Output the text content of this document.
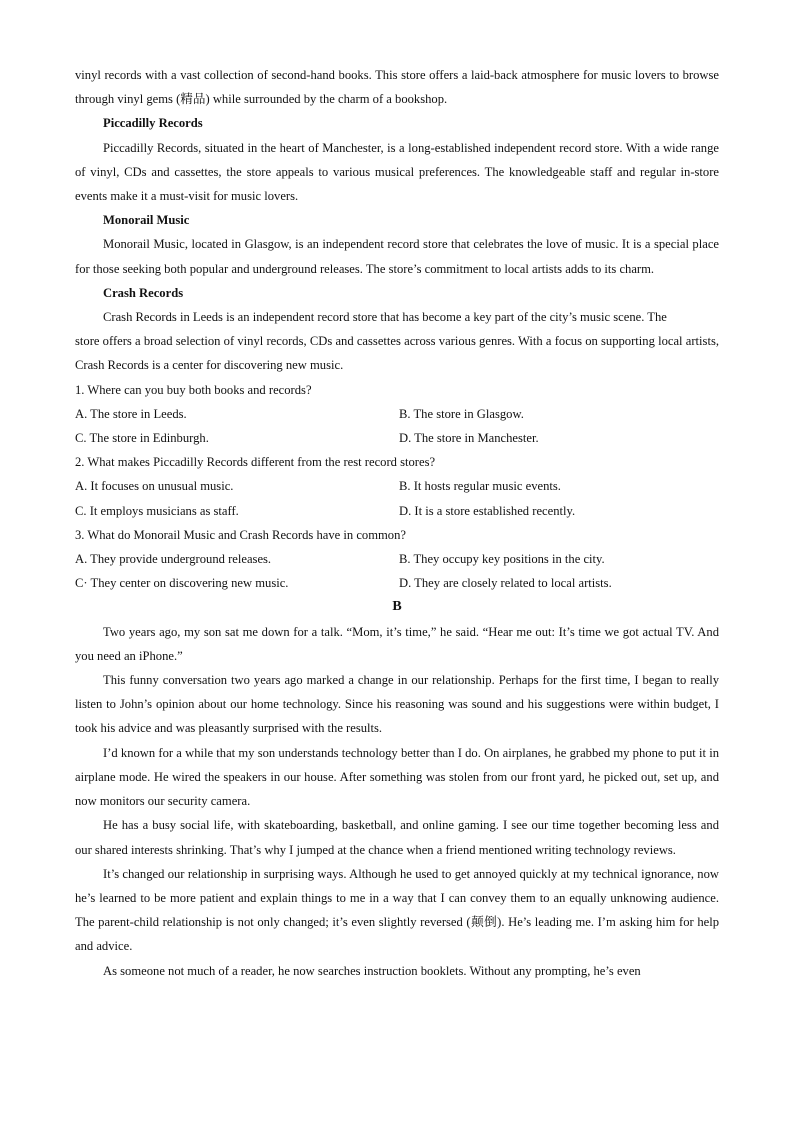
vinyl records with a vast collection of second-hand books. This store offers a laid-back atmosphere for music lovers to browse through vinyl gems (精品) while surrounded by the charm of a bookshop.

Piccadilly Records

Piccadilly Records, situated in the heart of Manchester, is a long-established independent record store. With a wide range of vinyl, CDs and cassettes, the store appeals to various musical preferences. The knowledgeable staff and regular in-store events make it a must-visit for music lovers.

Monorail Music

Monorail Music, located in Glasgow, is an independent record store that celebrates the love of music. It is a special place for those seeking both popular and underground releases. The store’s commitment to local artists adds to its charm.

Crash Records

Crash Records in Leeds is an independent record store that has become a key part of the city’s music scene. The

store offers a broad selection of vinyl records, CDs and cassettes across various genres. With a focus on supporting local artists, Crash Records is a center for discovering new music.

1. Where can you buy both books and records?

A. The store in Leeds.	B. The store in Glasgow.
C. The store in Edinburgh.	D. The store in Manchester.

2. What makes Piccadilly Records different from the rest record stores?

A. It focuses on unusual music.	B. It hosts regular music events.
C. It employs musicians as staff.	D. It is a store established recently.

3. What do Monorail Music and Crash Records have in common?

A. They provide underground releases.	B. They occupy key positions in the city.
C· They center on discovering new music.	D. They are closely related to local artists.

B

Two years ago, my son sat me down for a talk. “Mom, it’s time,” he said. “Hear me out: It’s time we got actual TV. And you need an iPhone.”

This funny conversation two years ago marked a change in our relationship. Perhaps for the first time, I began to really listen to John’s opinion about our home technology. Since his reasoning was sound and his suggestions were within budget, I took his advice and was pleasantly surprised with the results.

I’d known for a while that my son understands technology better than I do. On airplanes, he grabbed my phone to put it in airplane mode. He wired the speakers in our house. After something was stolen from our front yard, he picked out, set up, and now monitors our security camera.

He has a busy social life, with skateboarding, basketball, and online gaming. I see our time together becoming less and our shared interests shrinking. That’s why I jumped at the chance when a friend mentioned writing technology reviews.

It’s changed our relationship in surprising ways. Although he used to get annoyed quickly at my technical ignorance, now he’s learned to be more patient and explain things to me in a way that I can convey them to an equally unknowing audience. The parent-child relationship is not only changed; it’s even slightly reversed (颠倒). He’s leading me. I’m asking him for help and advice.

As someone not much of a reader, he now searches instruction booklets. Without any prompting, he’s even
